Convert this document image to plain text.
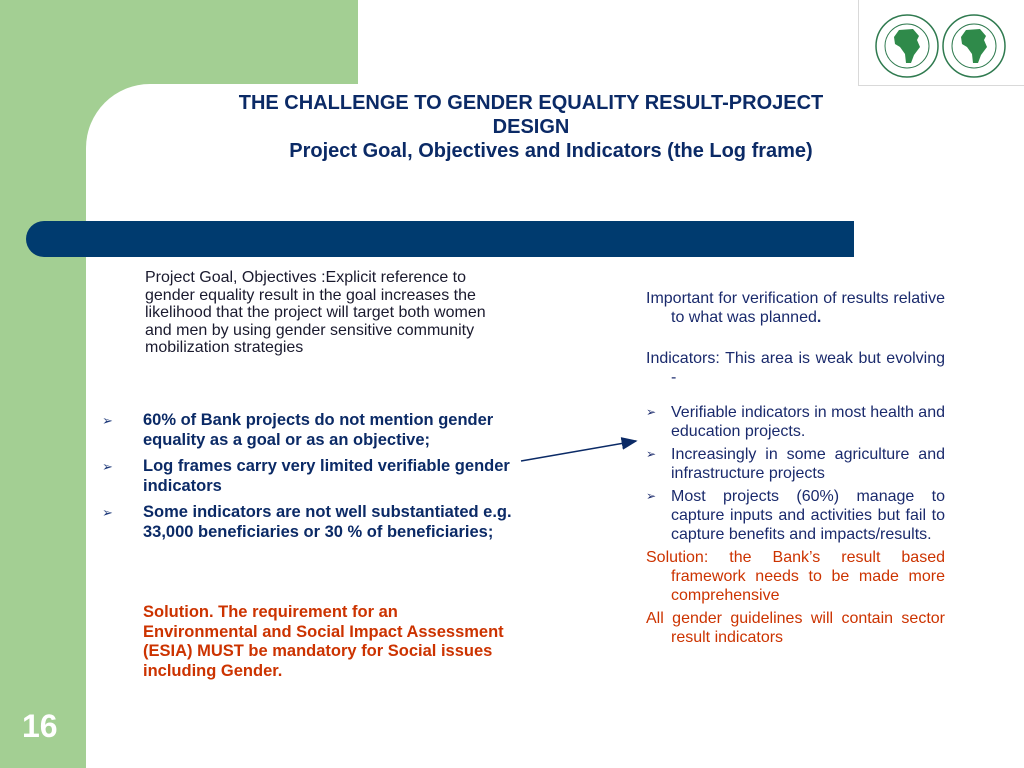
THE CHALLENGE TO GENDER EQUALITY RESULT-PROJECT
DESIGN

Project Goal, Objectives and Indicators (the Log frame)
Project Goal, Objectives :Explicit reference to gender equality result in the goal increases the likelihood that the project will target both women and men by using gender sensitive community mobilization strategies
➢ 60% of Bank projects do not mention gender equality as a goal or as an objective;
➢ Log frames carry very limited verifiable gender indicators
➢ Some indicators are not well substantiated e.g. 33,000 beneficiaries or 30 % of beneficiaries;
Solution. The requirement for an Environmental and Social Impact Assessment (ESIA) MUST be mandatory for Social issues including Gender.
Important for verification of results relative to what was planned.
Indicators: This area is weak but evolving -
➢ Verifiable indicators in most health and education projects.
➢ Increasingly in some agriculture and infrastructure projects
➢ Most projects (60%) manage to capture inputs and activities but fail to capture benefits and impacts/results.
Solution: the Bank’s result based framework needs to be made more comprehensive
All gender guidelines will contain sector result indicators
16
